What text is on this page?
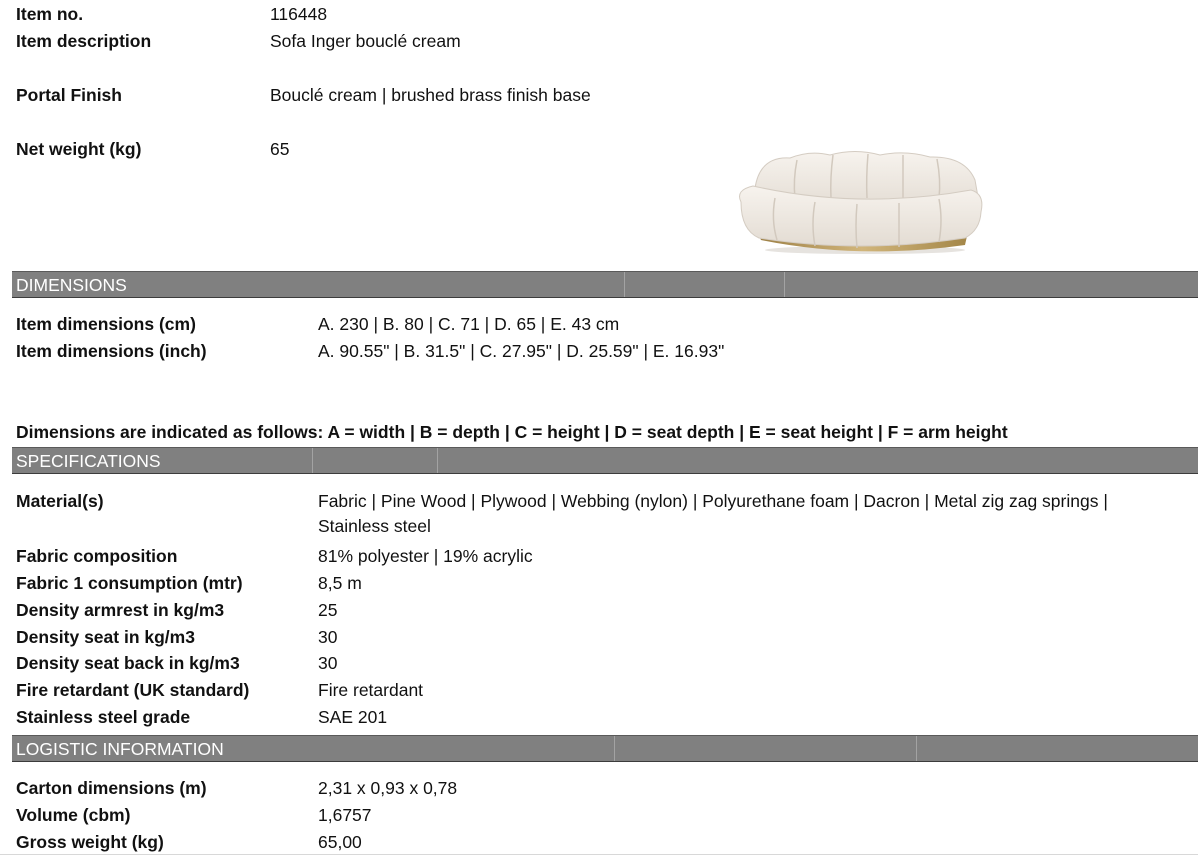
Item no.	116448
Item description	Sofa Inger bouclé cream
Portal Finish	Bouclé cream | brushed brass finish base
Net weight (kg)	65
DIMENSIONS
Item dimensions (cm)	A. 230 | B. 80 | C. 71 | D. 65 | E. 43 cm
Item dimensions (inch)	A. 90.55" | B. 31.5" | C. 27.95" | D. 25.59" | E. 16.93"
Dimensions are indicated as follows: A = width | B = depth | C = height | D = seat depth | E = seat height | F = arm height
SPECIFICATIONS
Material(s)	Fabric | Pine Wood | Plywood | Webbing (nylon) | Polyurethane foam | Dacron | Metal zig zag springs |
Stainless steel
Fabric composition	81% polyester | 19% acrylic
Fabric 1 consumption (mtr)	8,5 m
Density armrest in kg/m3	25
Density seat in kg/m3	30
Density seat back in kg/m3	30
Fire retardant (UK standard)	Fire retardant
Stainless steel grade	SAE 201
LOGISTIC INFORMATION
Carton dimensions (m)	2,31 x 0,93 x 0,78
Volume (cbm)	1,6757
Gross weight (kg)	65,00
